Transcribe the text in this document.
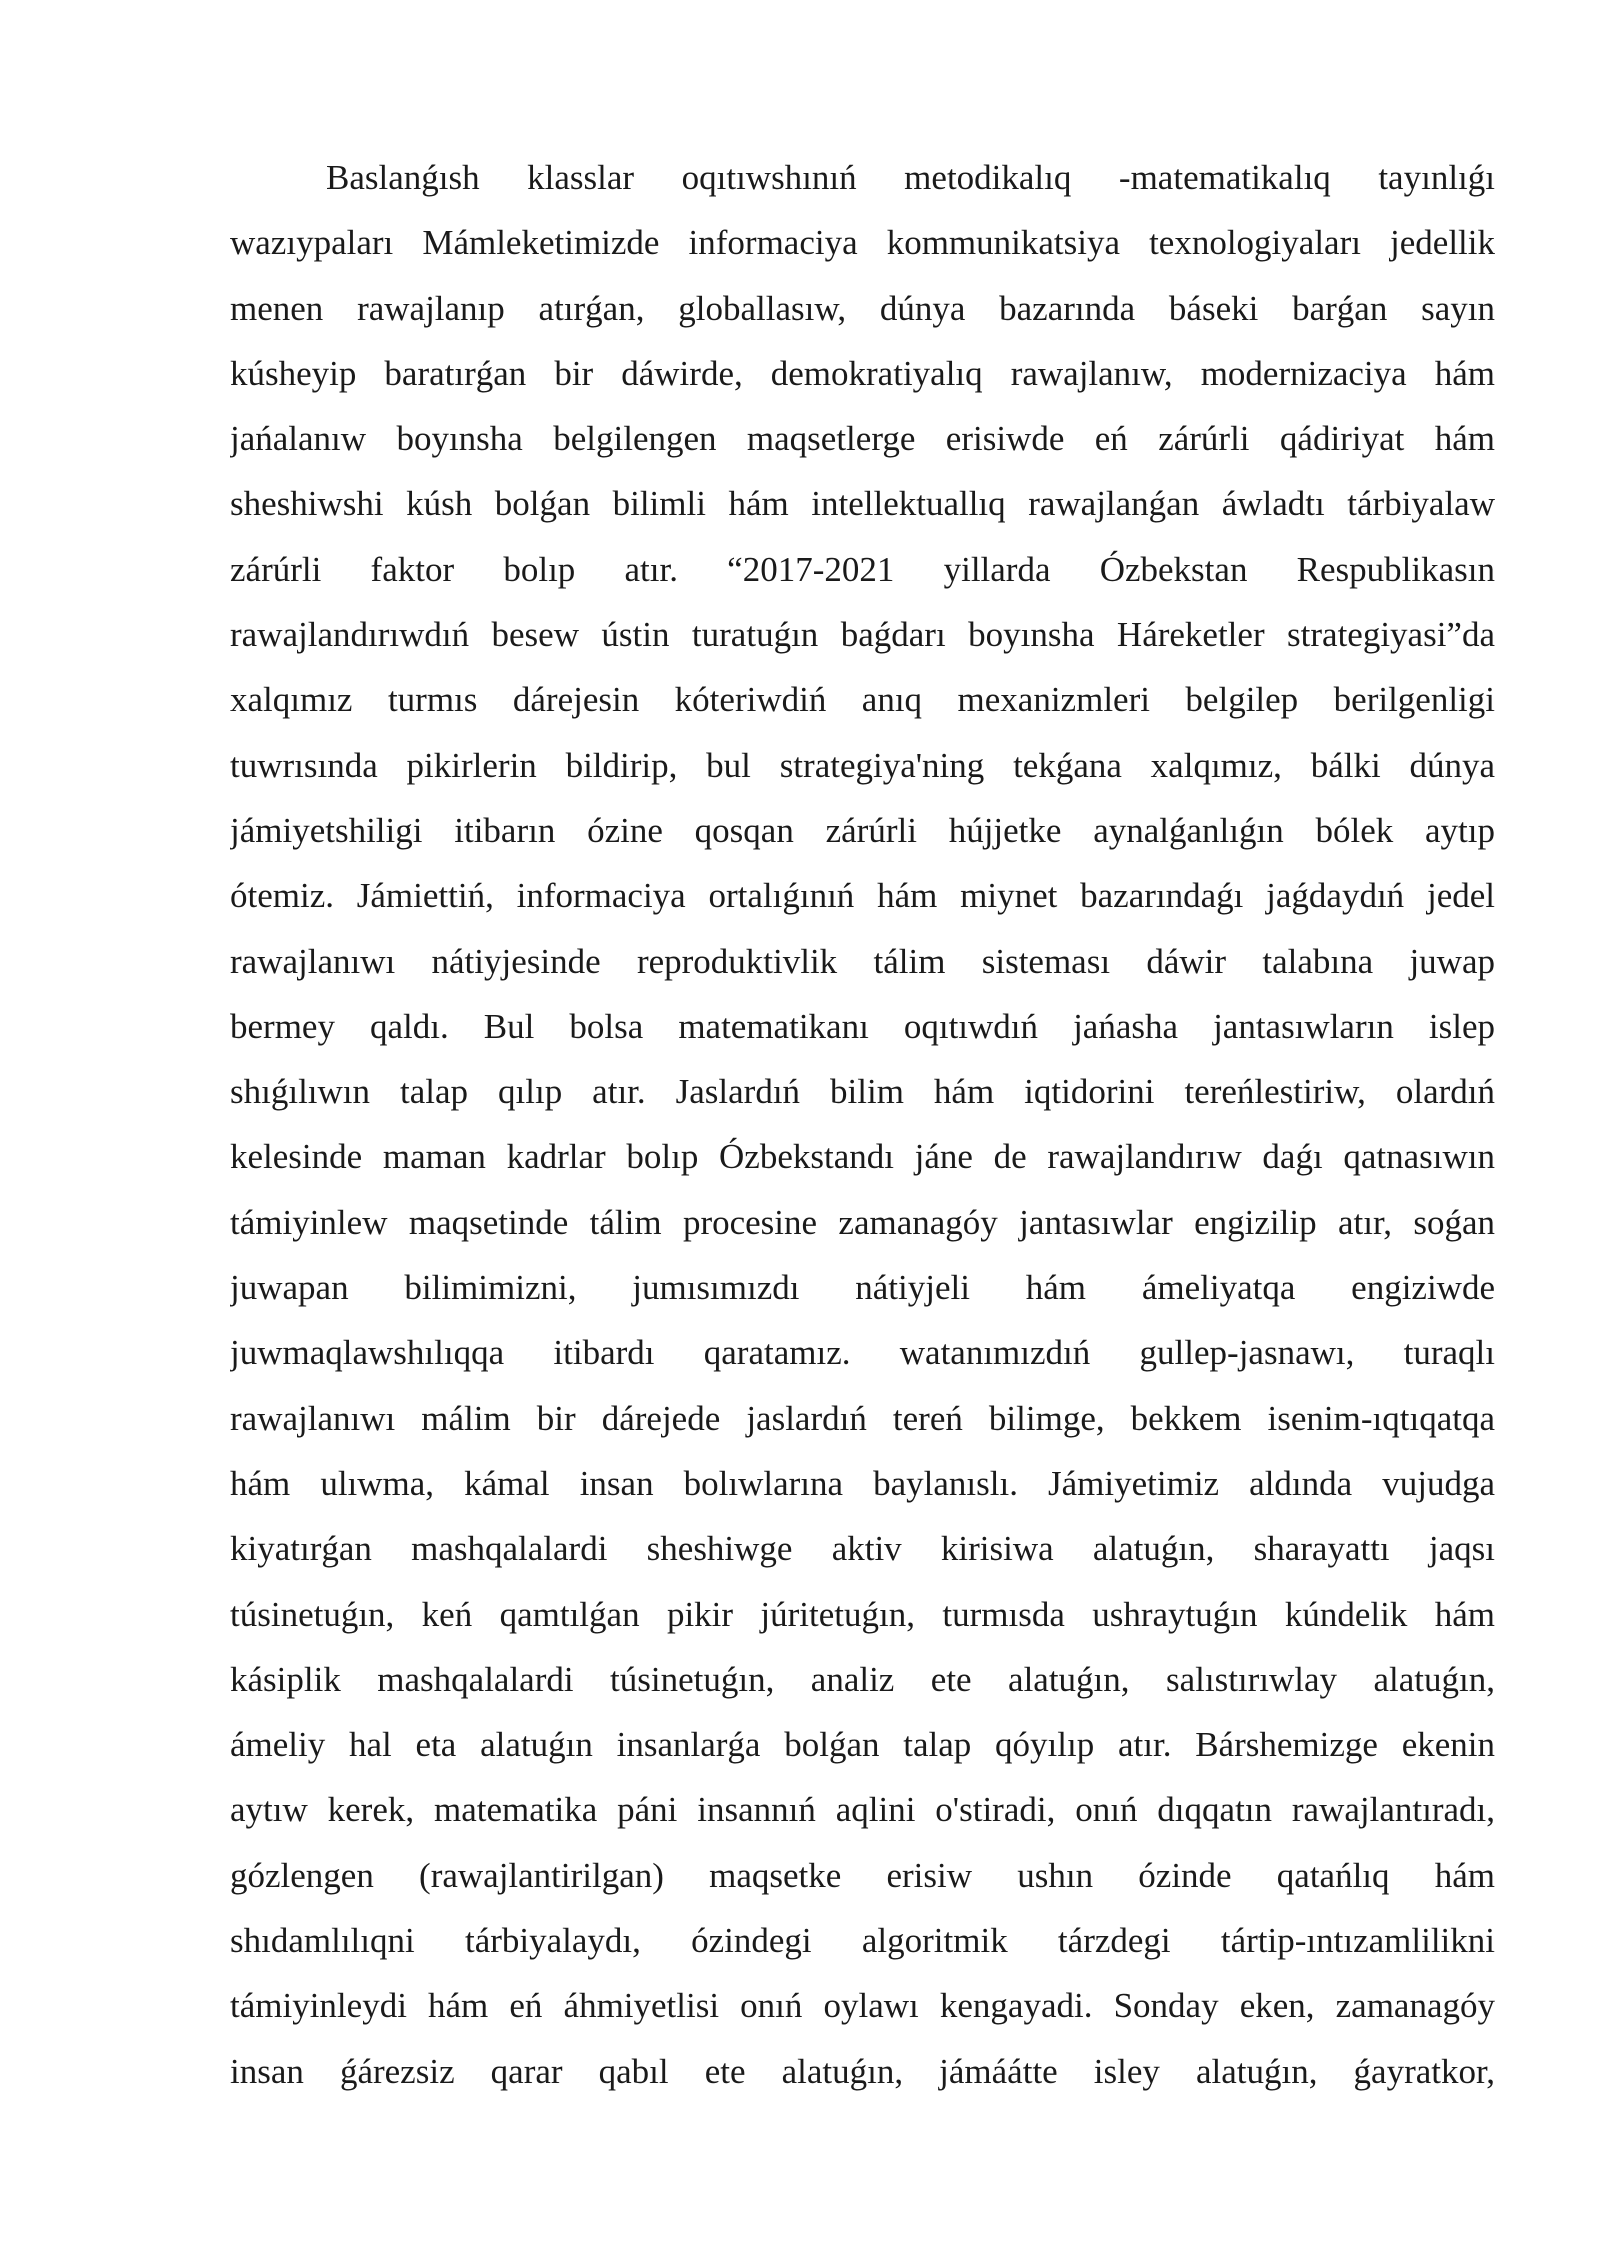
Baslanǵısh klasslar oqıtıwshınıń metodikalıq -matematikalıq tayınlıǵı
wazıypaları Mámleketimizde informaciya kommunikatsiya texnologiyaları jedellik
menen rawajlanıp atırǵan, globallasıw, dúnya bazarında báseki barǵan sayın
kúsheyip baratırǵan bir dáwirde, demokratiyalıq rawajlanıw, modernizaciya hám
jańalanıw boyınsha belgilengen maqsetlerge erisiwde eń zárúrli qádiriyat hám
sheshiwshi kúsh bolǵan bilimli hám intellektuallıq rawajlanǵan áwladtı tárbiyalaw
zárúrli faktor bolıp atır. “2017-2021 yillarda Ózbekstan Respublikasın
rawajlandırıwdıń besew ústin turatuǵın baǵdarı boyınsha Háreketler strategiyasi”da
xalqımız turmıs dárejesin kóteriwdiń anıq mexanizmleri belgilep berilgenligi
tuwrısında pikirlerin bildirip, bul strategiya'ning tekǵana xalqımız, bálki dúnya
jámiyetshiligi itibarın ózine qosqan zárúrli hújjetke aynalǵanlıǵın bólek aytıp
ótemiz. Jámiettiń, informaciya ortalıǵınıń hám miynet bazarındaǵı jaǵdaydıń jedel
rawajlanıwı nátiyjesinde reproduktivlik tálim sisteması dáwir talabına juwap
bermey qaldı. Bul bolsa matematikanı oqıtıwdıń jańasha jantasıwların islep
shıǵılıwın talap qılıp atır. Jaslardıń bilim hám iqtidorini tereńlestiriw, olardıń
kelesinde maman kadrlar bolıp Ózbekstandı jáne de rawajlandırıw daǵı qatnasıwın
támiyinlew maqsetinde tálim procesine zamanagóy jantasıwlar engizilip atır, soǵan
juwapan bilimimizni, jumısımızdı nátiyjeli hám ámeliyatqa engiziwde
juwmaqlawshılıqqa itibardı qaratamız. watanımızdıń gullep-jasnawı, turaqlı
rawajlanıwı málim bir dárejede jaslardıń tereń bilimge, bekkem isenim-ıqtıqatqa
hám ulıwma, kámal insan bolıwlarına baylanıslı. Jámiyetimiz aldında vujudga
kiyatırǵan mashqalalardi sheshiwge aktiv kirisiwa alatuǵın, sharayattı jaqsı
túsinetuǵın, keń qamtılǵan pikir júritetuǵın, turmısda ushraytuǵın kúndelik hám
kásiplik mashqalalardi túsinetuǵın, analiz ete alatuǵın, salıstırıwlay alatuǵın,
ámeliy hal eta alatuǵın insanlarǵa bolǵan talap qóyılıp atır. Bárshemizge ekenin
aytıw kerek, matematika páni insannıń aqlini o'stiradi, onıń dıqqatın rawajlantıradı,
gózlengen (rawajlantirilgan) maqsetke erisiw ushın ózinde qatańlıq hám
shıdamlılıqni tárbiyalaydı, ózindegi algoritmik tárzdegi tártip-ıntızamlilikni
támiyinleydi hám eń áhmiyetlisi onıń oylawı kengayadi. Sonday eken, zamanagóy
insan ǵárezsiz qarar qabıl ete alatuǵın, jámáátte isley alatuǵın, ǵayratkor,
